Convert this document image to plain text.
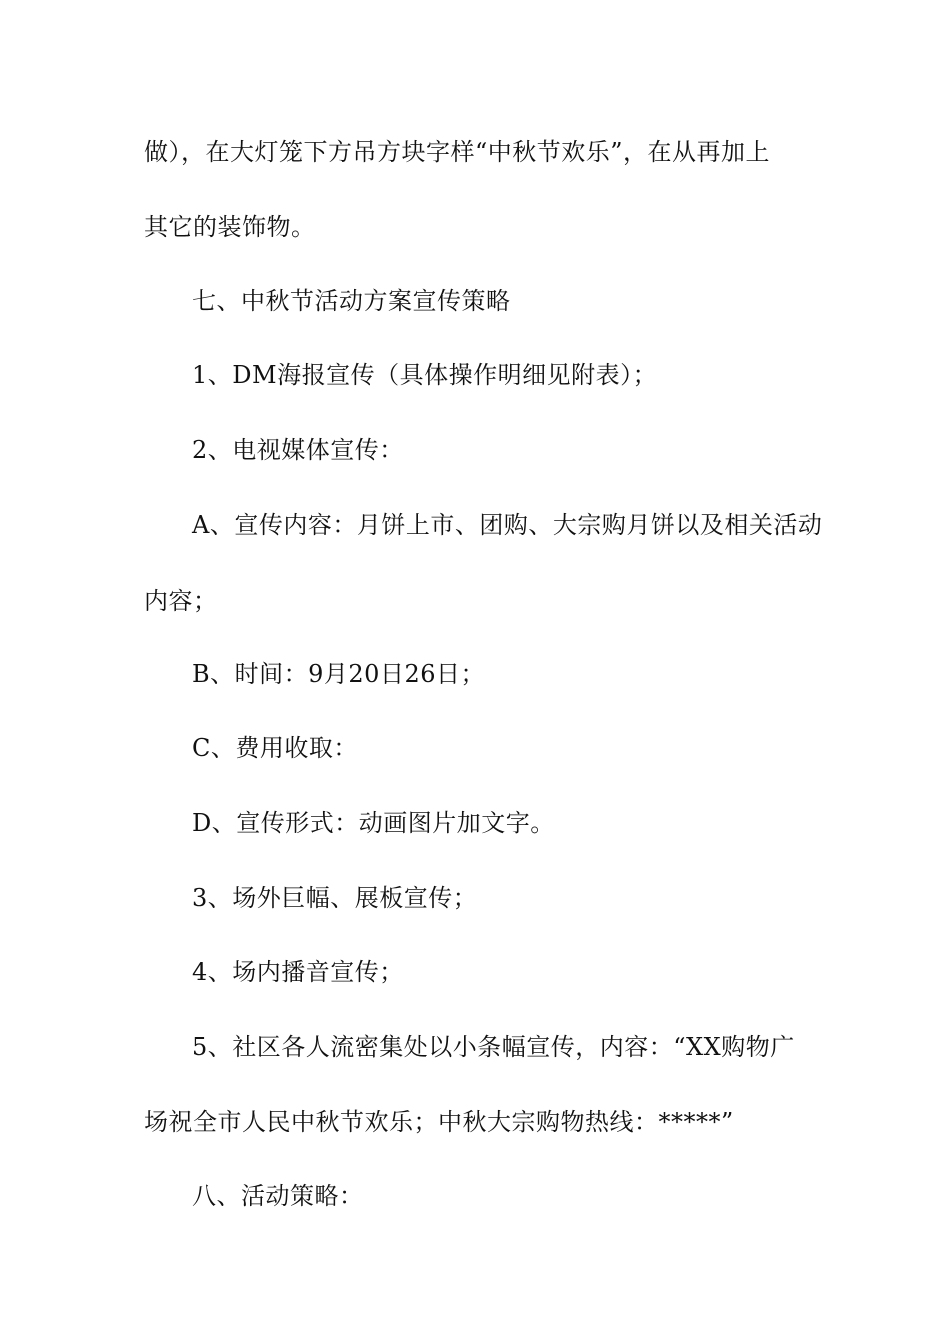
做），在大灯笼下方吊方块字样“中秋节欢乐”，在从再加上
其它的装饰物。
七、中秋节活动方案宣传策略
1、DM海报宣传（具体操作明细见附表）；
2、电视媒体宣传：
A、宣传内容：月饼上市、团购、大宗购月饼以及相关活动
内容；
B、时间：9月20日26日；
C、费用收取：
D、宣传形式：动画图片加文字。
3、场外巨幅、展板宣传；
4、场内播音宣传；
5、社区各人流密集处以小条幅宣传，内容：“XX购物广
场祝全市人民中秋节欢乐；中秋大宗购物热线：*****”
八、活动策略：
